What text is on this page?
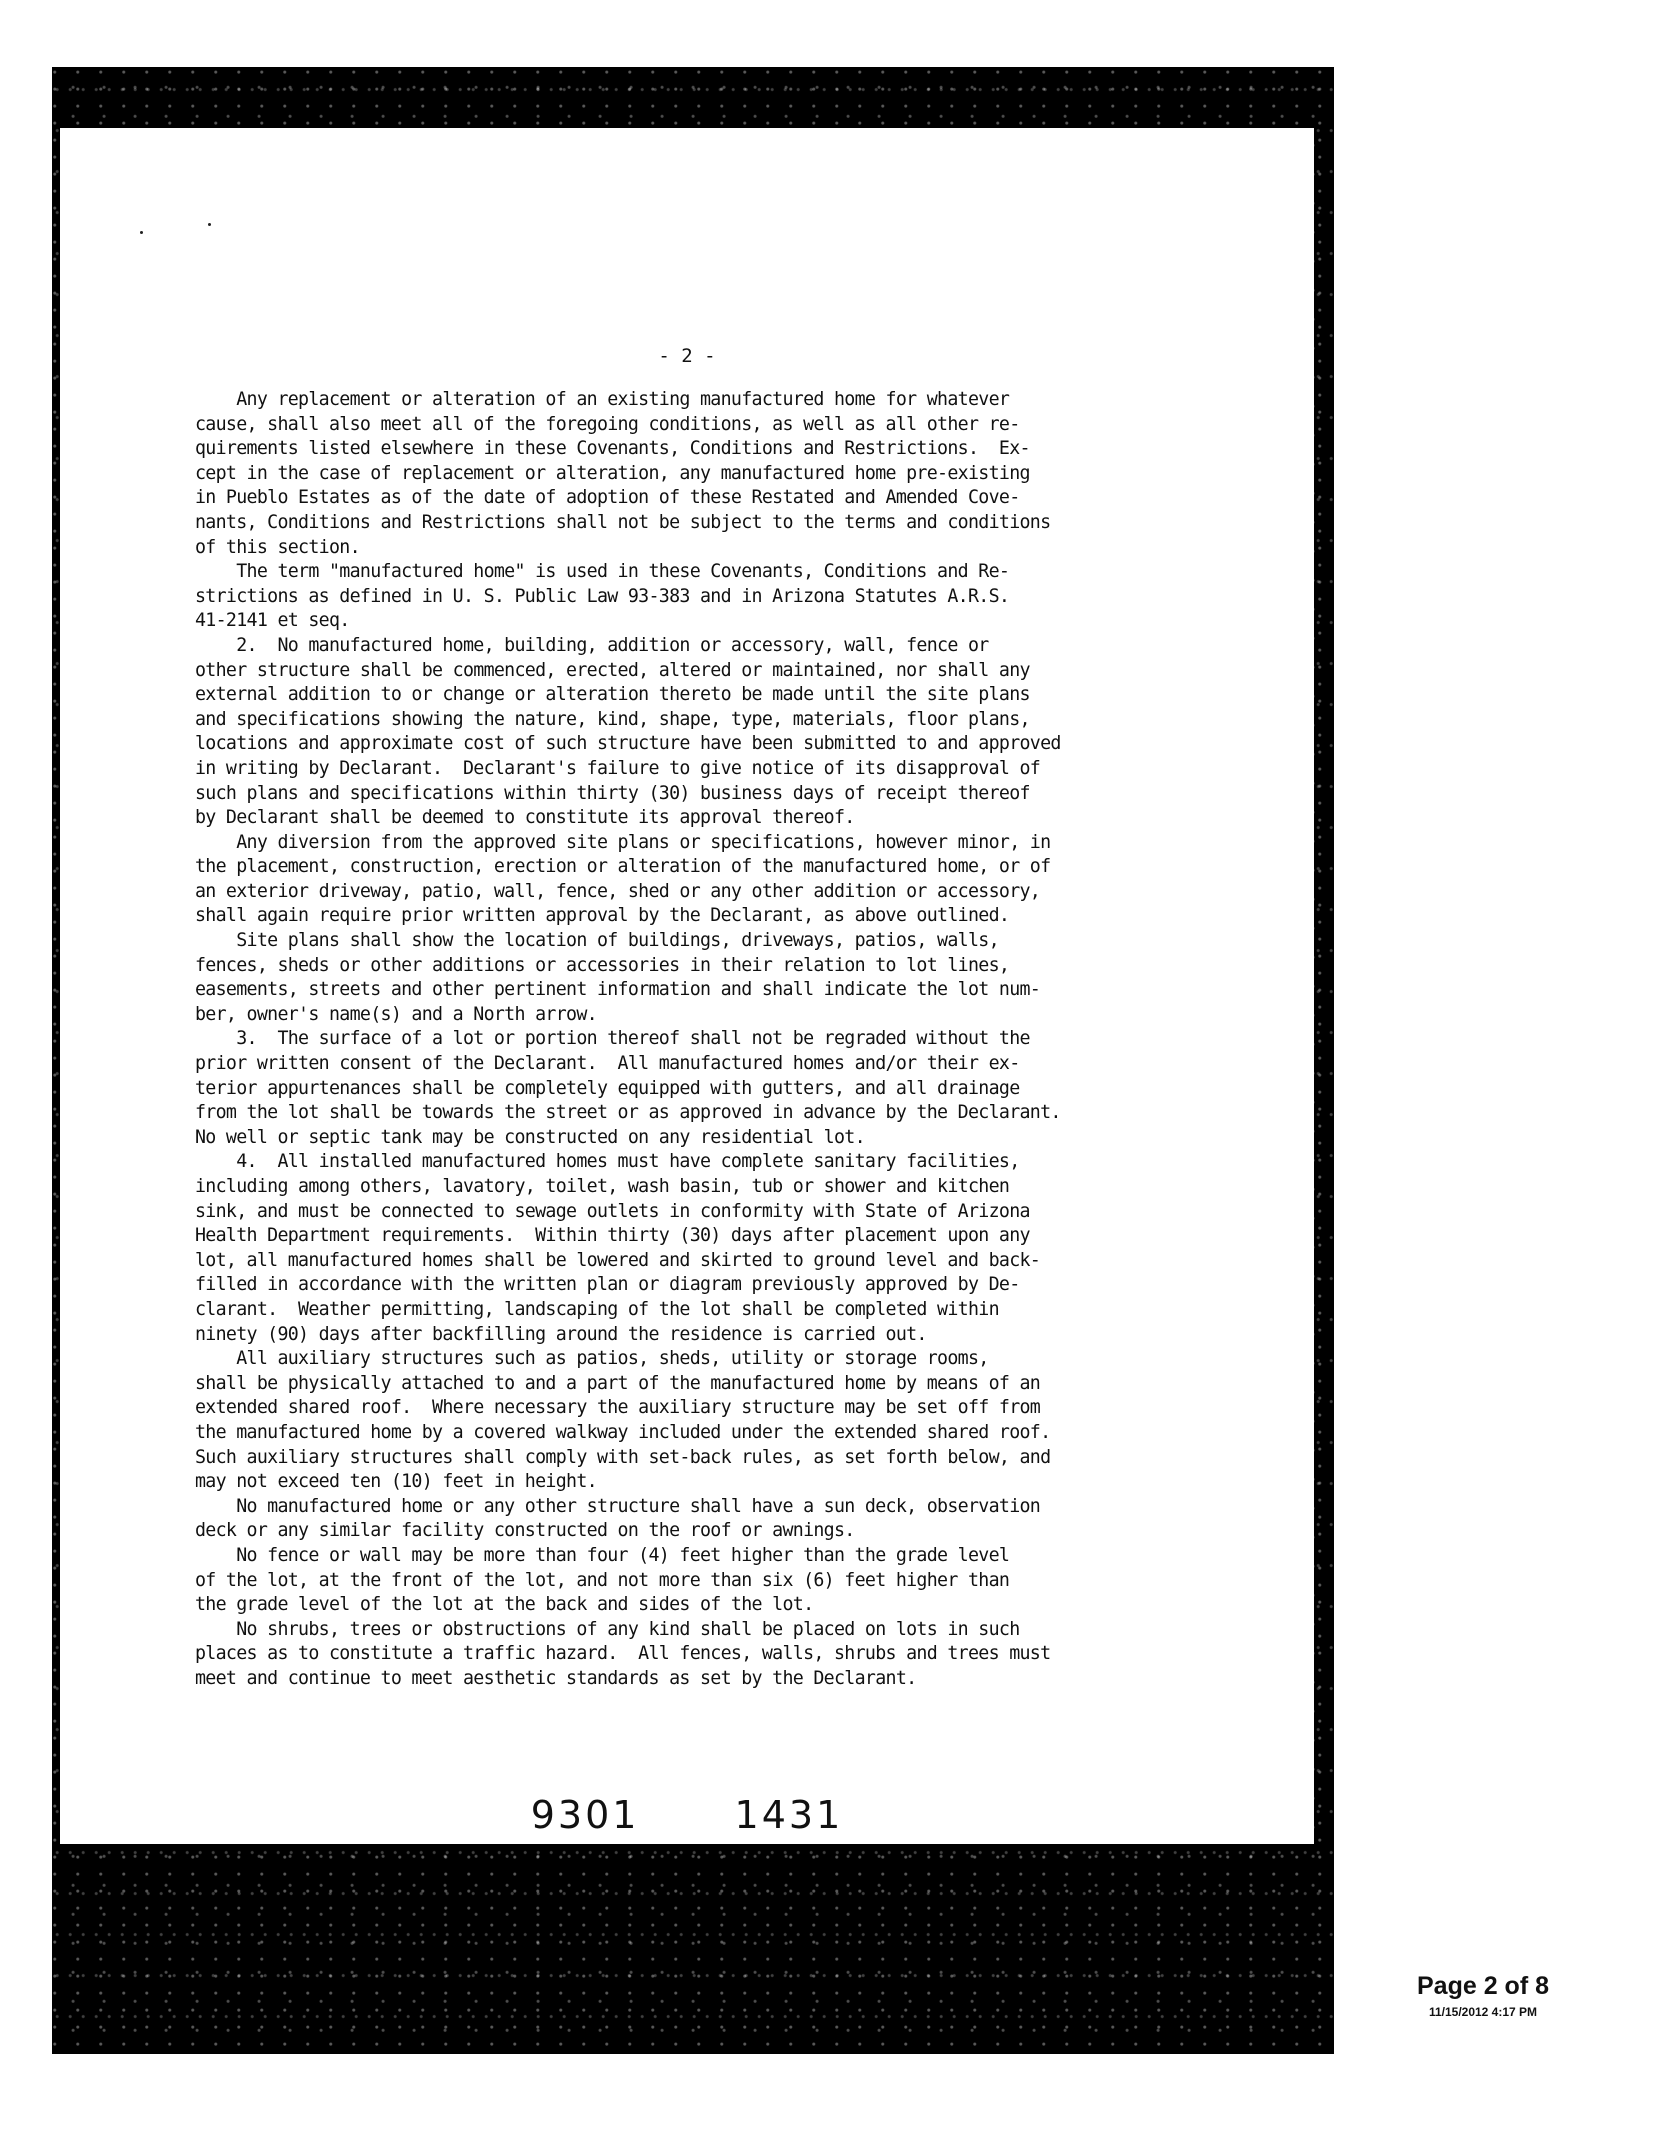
- 2 -
Any replacement or alteration of an existing manufactured home for whatever
cause, shall also meet all of the foregoing conditions, as well as all other re-
quirements listed elsewhere in these Covenants, Conditions and Restrictions.  Ex-
cept in the case of replacement or alteration, any manufactured home pre-existing
in Pueblo Estates as of the date of adoption of these Restated and Amended Cove-
nants, Conditions and Restrictions shall not be subject to the terms and conditions
of this section.
The term "manufactured home" is used in these Covenants, Conditions and Re-
strictions as defined in U. S. Public Law 93-383 and in Arizona Statutes A.R.S.
41-2141 et seq.
2.  No manufactured home, building, addition or accessory, wall, fence or
other structure shall be commenced, erected, altered or maintained, nor shall any
external addition to or change or alteration thereto be made until the site plans
and specifications showing the nature, kind, shape, type, materials, floor plans,
locations and approximate cost of such structure have been submitted to and approved
in writing by Declarant.  Declarant's failure to give notice of its disapproval of
such plans and specifications within thirty (30) business days of receipt thereof
by Declarant shall be deemed to constitute its approval thereof.
Any diversion from the approved site plans or specifications, however minor, in
the placement, construction, erection or alteration of the manufactured home, or of
an exterior driveway, patio, wall, fence, shed or any other addition or accessory,
shall again require prior written approval by the Declarant, as above outlined.
Site plans shall show the location of buildings, driveways, patios, walls,
fences, sheds or other additions or accessories in their relation to lot lines,
easements, streets and other pertinent information and shall indicate the lot num-
ber, owner's name(s) and a North arrow.
3.  The surface of a lot or portion thereof shall not be regraded without the
prior written consent of the Declarant.  All manufactured homes and/or their ex-
terior appurtenances shall be completely equipped with gutters, and all drainage
from the lot shall be towards the street or as approved in advance by the Declarant.
No well or septic tank may be constructed on any residential lot.
4.  All installed manufactured homes must have complete sanitary facilities,
including among others, lavatory, toilet, wash basin, tub or shower and kitchen
sink, and must be connected to sewage outlets in conformity with State of Arizona
Health Department requirements.  Within thirty (30) days after placement upon any
lot, all manufactured homes shall be lowered and skirted to ground level and back-
filled in accordance with the written plan or diagram previously approved by De-
clarant.  Weather permitting, landscaping of the lot shall be completed within
ninety (90) days after backfilling around the residence is carried out.
All auxiliary structures such as patios, sheds, utility or storage rooms,
shall be physically attached to and a part of the manufactured home by means of an
extended shared roof.  Where necessary the auxiliary structure may be set off from
the manufactured home by a covered walkway included under the extended shared roof.
Such auxiliary structures shall comply with set-back rules, as set forth below, and
may not exceed ten (10) feet in height.
No manufactured home or any other structure shall have a sun deck, observation
deck or any similar facility constructed on the roof or awnings.
No fence or wall may be more than four (4) feet higher than the grade level
of the lot, at the front of the lot, and not more than six (6) feet higher than
the grade level of the lot at the back and sides of the lot.
No shrubs, trees or obstructions of any kind shall be placed on lots in such
places as to constitute a traffic hazard.  All fences, walls, shrubs and trees must
meet and continue to meet aesthetic standards as set by the Declarant.
9301	1431
Page 2 of 8
11/15/2012 4:17 PM
